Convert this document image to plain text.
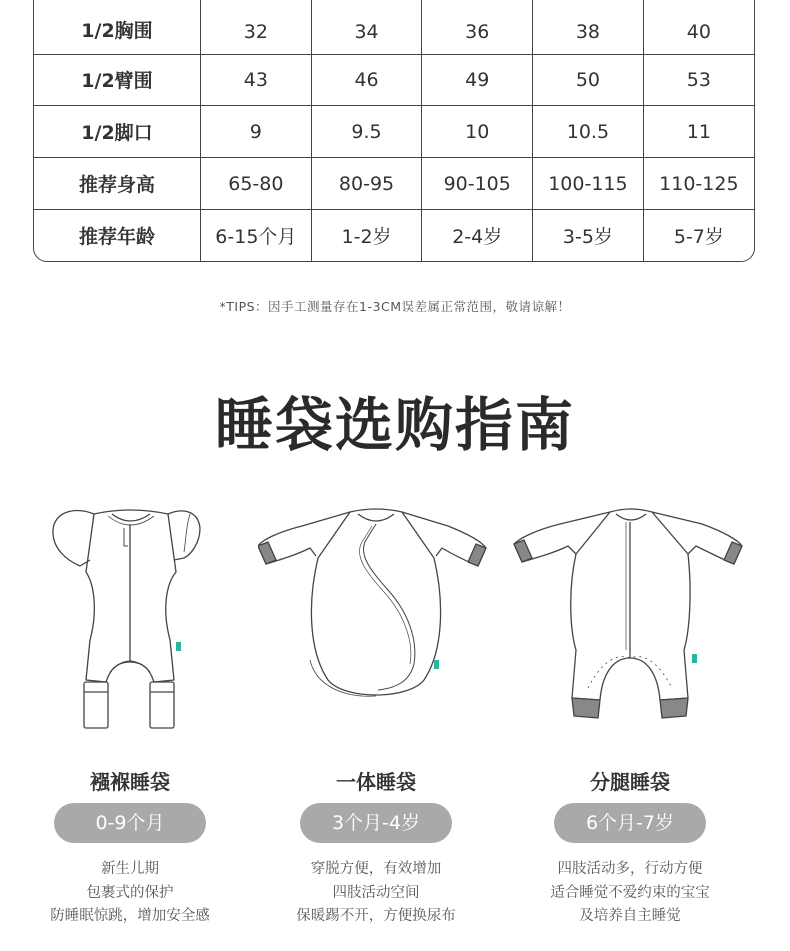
1/2胸围	32	34	36	38	40
1/2臂围	43	46	49	50	53
1/2脚口	9	9.5	10	10.5	11
推荐身高	65-80	80-95	90-105	100-115	110-125
推荐年龄	6-15个月	1-2岁	2-4岁	3-5岁	5-7岁
*TIPS：因手工测量存在1-3CM误差属正常范围，敬请谅解！
睡袋选购指南
襁褓睡袋
0-9个月
新生儿期
包裹式的保护
防睡眠惊跳，增加安全感
一体睡袋
3个月-4岁
穿脱方便，有效增加
四肢活动空间
保暖踢不开，方便换尿布
分腿睡袋
6个月-7岁
四肢活动多，行动方便
适合睡觉不爱约束的宝宝
及培养自主睡觉
